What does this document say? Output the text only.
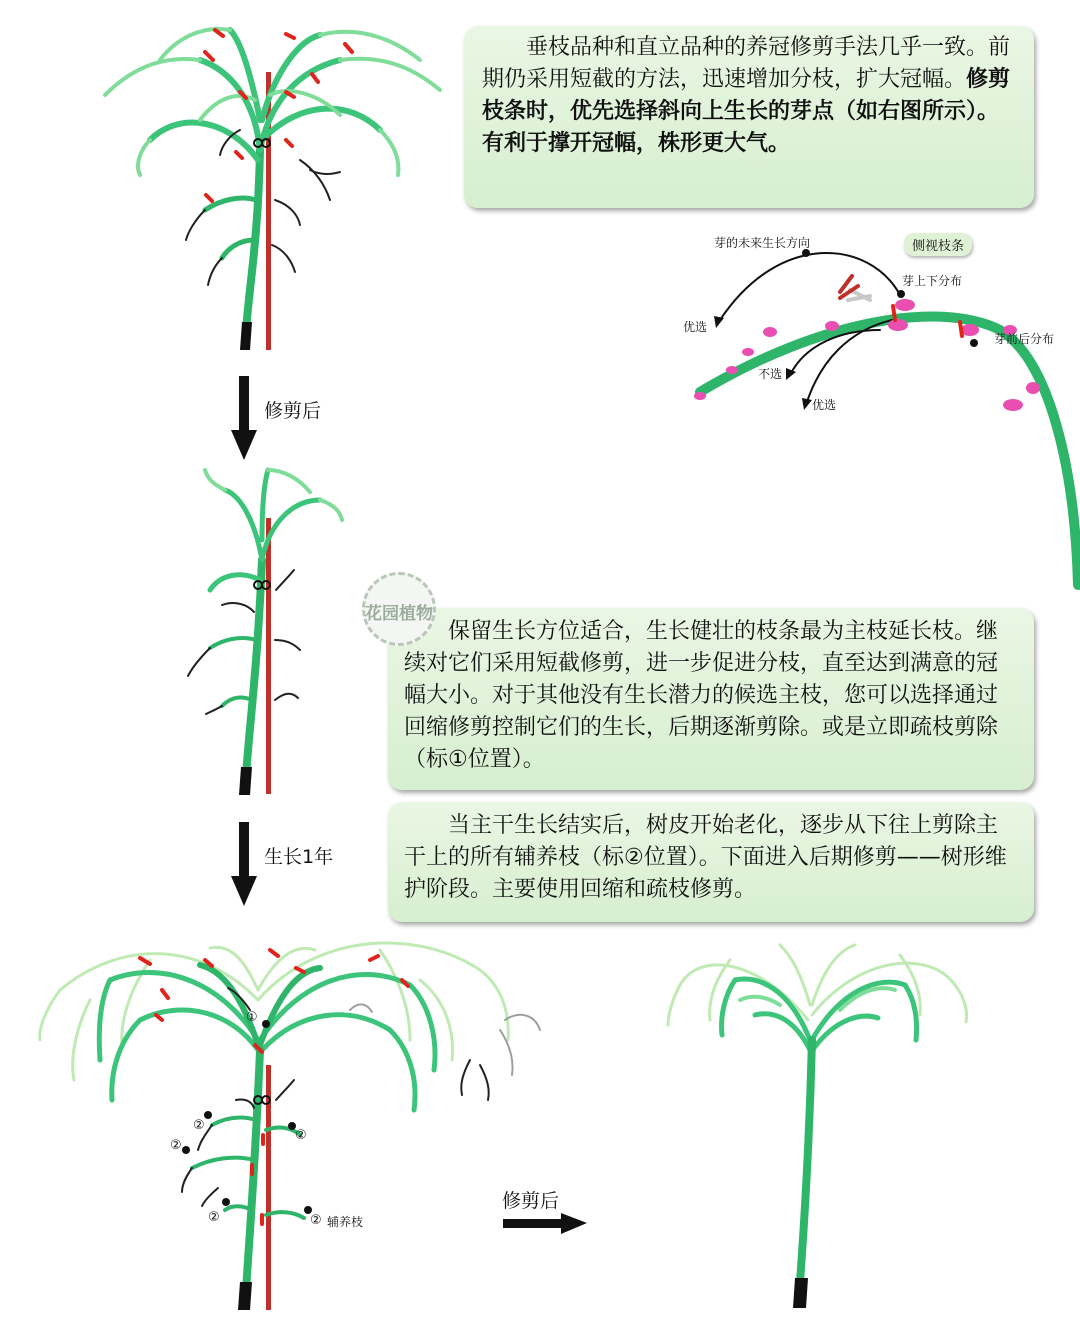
垂枝品种和直立品种的养冠修剪手法几乎一致。前期仍采用短截的方法，迅速增加分枝，扩大冠幅。修剪枝条时，优先选择斜向上生长的芽点（如右图所示）。有利于撑开冠幅，株形更大气。
保留生长方位适合，生长健壮的枝条最为主枝延长枝。继续对它们采用短截修剪，进一步促进分枝，直至达到满意的冠幅大小。对于其他没有生长潜力的候选主枝，您可以选择通过回缩修剪控制它们的生长，后期逐渐剪除。或是立即疏枝剪除（标①位置）。
当主干生长结实后，树皮开始老化，逐步从下往上剪除主干上的所有辅养枝（标②位置）。下面进入后期修剪——树形维护阶段。主要使用回缩和疏枝修剪。
花园植物
修剪后
生长1年
修剪后
①
②
②
②
②	② 辅养枝
侧视枝条
芽的未来生长方向
芽上下分布
芽前后分布
优选
不选
优选
